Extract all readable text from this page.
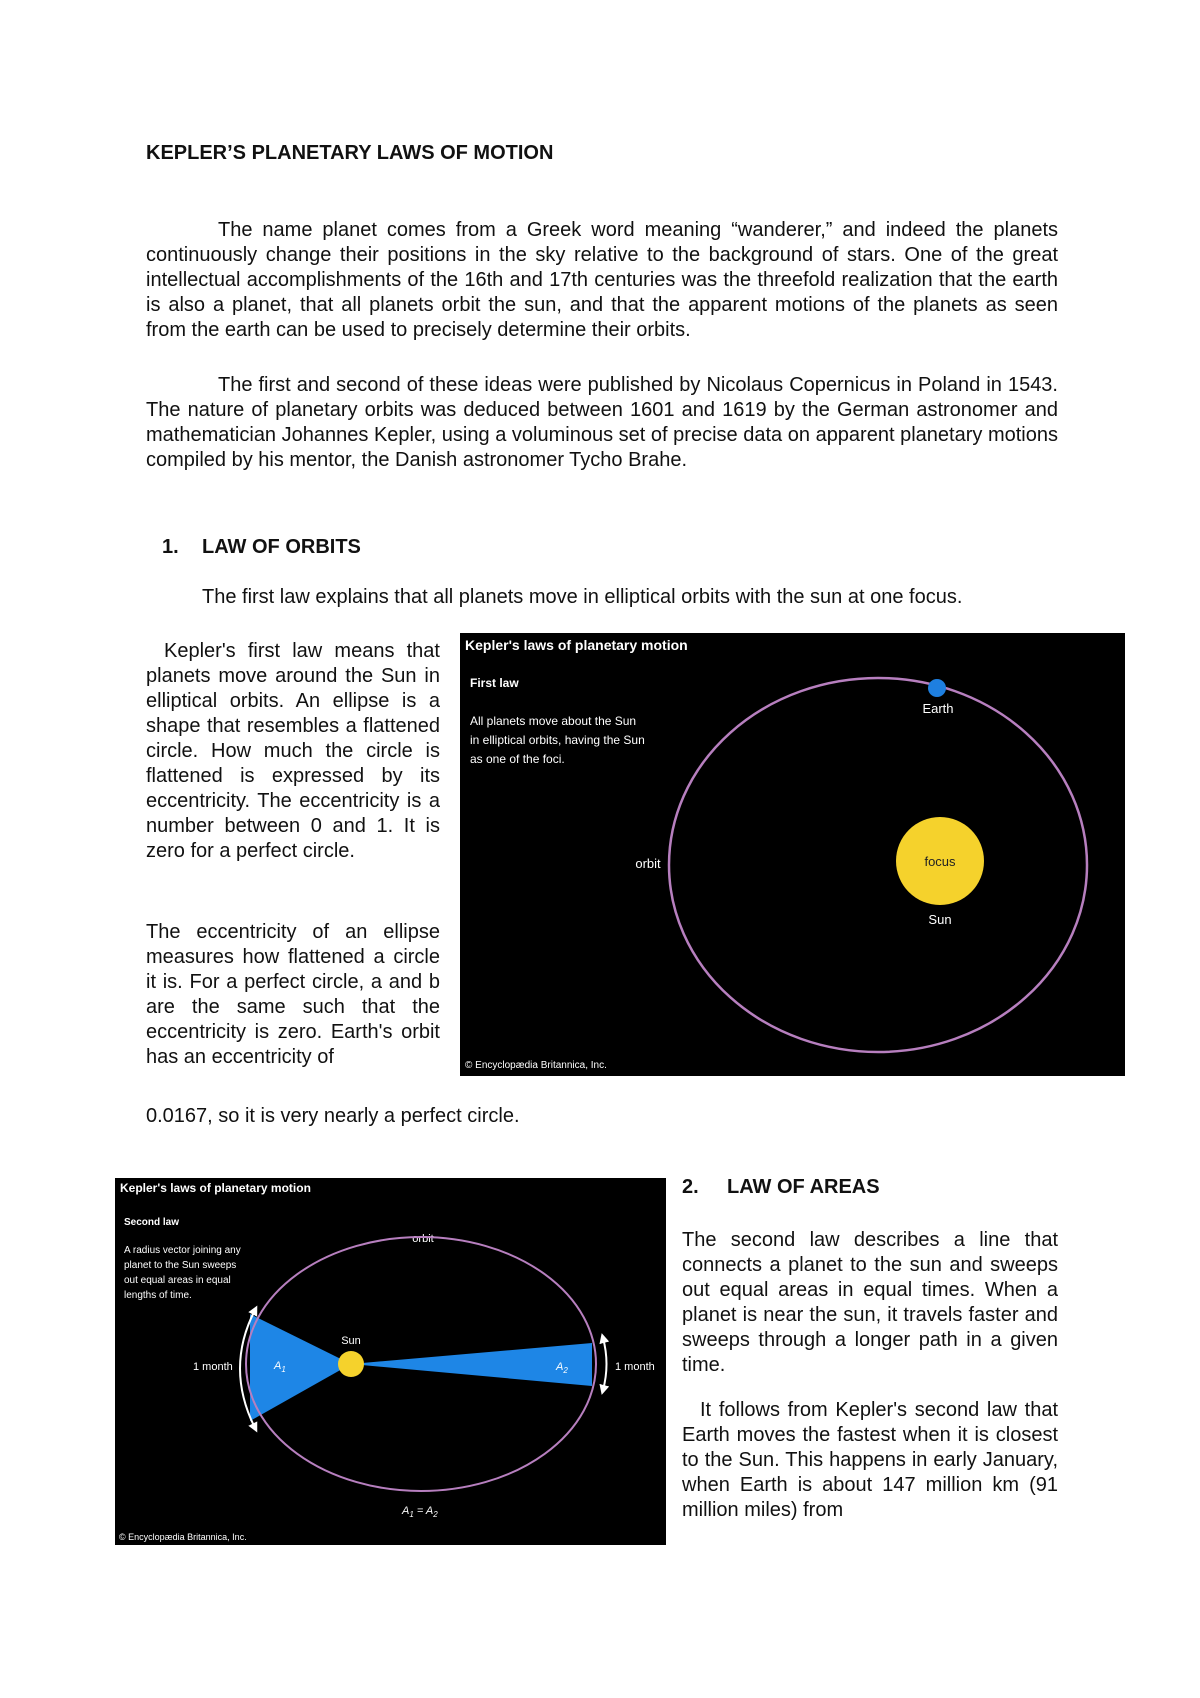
KEPLER’S PLANETARY LAWS OF MOTION
The name planet comes from a Greek word meaning “wanderer,” and indeed the planets continuously change their positions in the sky relative to the background of stars. One of the great intellectual accomplishments of the 16th and 17th centuries was the threefold realization that the earth is also a planet, that all planets orbit the sun, and that the apparent motions of the planets as seen from the earth can be used to precisely determine their orbits.
The first and second of these ideas were published by Nicolaus Copernicus in Poland in 1543. The nature of planetary orbits was deduced between 1601 and 1619 by the German astronomer and mathematician Johannes Kepler, using a voluminous set of precise data on apparent planetary motions compiled by his mentor, the Danish astronomer Tycho Brahe.
1. LAW OF ORBITS
The first law explains that all planets move in elliptical orbits with the sun at one focus.
Kepler's first law means that planets move around the Sun in elliptical orbits. An ellipse is a shape that resembles a flattened circle. How much the circle is flattened is expressed by its eccentricity. The eccentricity is a number between 0 and 1. It is zero for a perfect circle.
The eccentricity of an ellipse measures how flattened a circle it is. For a perfect circle, a and b are the same such that the eccentricity is zero. Earth's orbit has an eccentricity of
0.0167, so it is very nearly a perfect circle.
Kepler's laws of planetary motion
First law
All planets move about the Sun
in elliptical orbits, having the Sun
as one of the foci.
focus
Sun
Earth
orbit
© Encyclopædia Britannica, Inc.
Kepler's laws of planetary motion
Second law
A radius vector joining any
planet to the Sun sweeps
out equal areas in equal
lengths of time.
orbit
Sun
$A_1$	$A_2$
1 month	1 month
$A_1 = A_2$
© Encyclopædia Britannica, Inc.
2. LAW OF AREAS
The second law describes a line that connects a planet to the sun and sweeps out equal areas in equal times. When a planet is near the sun, it travels faster and sweeps through a longer path in a given time.
It follows from Kepler's second law that Earth moves the fastest when it is closest to the Sun. This happens in early January, when Earth is about 147 million km (91 million miles) from
